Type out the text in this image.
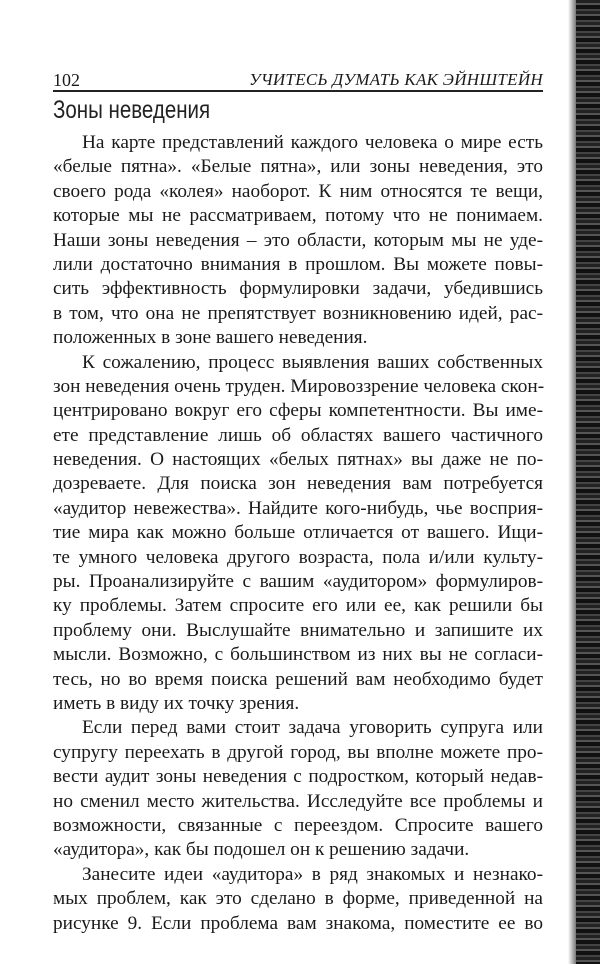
102	УЧИТЕСЬ ДУМАТЬ КАК ЭЙНШТЕЙН
Зоны неведения
На карте представлений каждого человека о мире есть
«белые пятна». «Белые пятна», или зоны неведения, это
своего рода «колея» наоборот. К ним относятся те вещи,
которые мы не рассматриваем, потому что не понимаем.
Наши зоны неведения – это области, которым мы не уде-
лили достаточно внимания в прошлом. Вы можете повы-
сить эффективность формулировки задачи, убедившись
в том, что она не препятствует возникновению идей, рас-
положенных в зоне вашего неведения.
К сожалению, процесс выявления ваших собственных
зон неведения очень труден. Мировоззрение человека скон-
центрировано вокруг его сферы компетентности. Вы име-
ете представление лишь об областях вашего частичного
неведения. О настоящих «белых пятнах» вы даже не по-
дозреваете. Для поиска зон неведения вам потребуется
«аудитор невежества». Найдите кого-нибудь, чье восприя-
тие мира как можно больше отличается от вашего. Ищи-
те умного человека другого возраста, пола и/или культу-
ры. Проанализируйте с вашим «аудитором» формулиров-
ку проблемы. Затем спросите его или ее, как решили бы
проблему они. Выслушайте внимательно и запишите их
мысли. Возможно, с большинством из них вы не согласи-
тесь, но во время поиска решений вам необходимо будет
иметь в виду их точку зрения.
Если перед вами стоит задача уговорить супруга или
супругу переехать в другой город, вы вполне можете про-
вести аудит зоны неведения с подростком, который недав-
но сменил место жительства. Исследуйте все проблемы и
возможности, связанные с переездом. Спросите вашего
«аудитора», как бы подошел он к решению задачи.
Занесите идеи «аудитора» в ряд знакомых и незнако-
мых проблем, как это сделано в форме, приведенной на
рисунке 9. Если проблема вам знакома, поместите ее во
